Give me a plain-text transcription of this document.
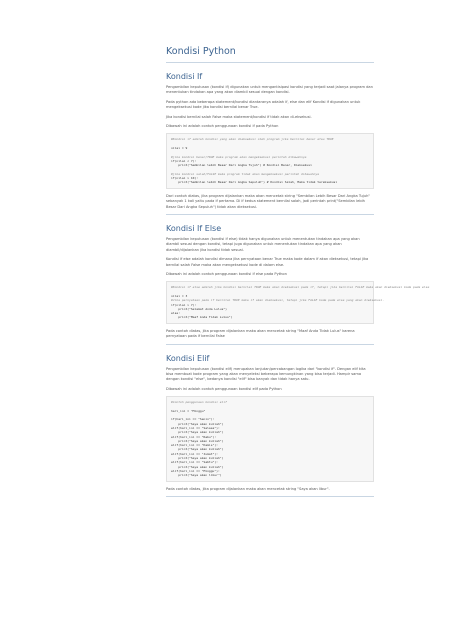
Kondisi Python
Kondisi If

Pengambilan keputusan (kondisi if) digunakan untuk mengantisipasi kondisi yang terjadi saat jalanya program dan menentukan tindakan apa yang akan diambil sesuai dengan kondisi.

Pada python ada beberapa statement/kondisi diantaranya adalah if, else dan elif Kondisi if digunakan untuk mengeksekusi kode jika kondisi bernilai benar True.

Jika kondisi bernilai salah False maka statement/kondisi if tidak akan di-eksekusi.

Dibawah ini adalah contoh penggunaan kondisi if pada Python

#Kondisi if adalah kondisi yang akan dieksekusi oleh program jika bernilai benar atau TRUE
nilai = 9
#jika kondisi benar/TRUE maka program akan mengeksekusi perintah dibawahnya
if(nilai < 7):
print("Sembilan lebih Besar Dari Angka Tujuh") # Kondisi Benar, Dieksekusi
#jika kondisi salah/FALSE maka program tidak akan mengeksekusi perintah dibawahnya
if(nilai > 10):
print("Sembilan lebih Besar Dari Angka Sepuluh") # Kondisi Salah, Maka tidak tereksekusi

Dari contoh diatas, jika program dijalankan maka akan mencetak string "Sembilan Lebih Besar Dari Angka Tujuh" sebanyak 1 kali yaitu pada if pertama. Di if kedua statement bernilai salah, jadi perintah print("Sembilan lebih Besar Dari Angka Sepuluh") tidak akan dieksekusi.

Kondisi If Else

Pengambilan keputusan (kondisi if else) tidak hanya digunakan untuk menentukan tindakan apa yang akan diambil sesuai dengan kondisi, tetapi juga digunakan untuk menentukan tindakan apa yang akan diambil/dijalankan jika kondisi tidak sesuai.

Kondisi if else adalah kondisi dimana jika pernyataan benar True maka kode dalam if akan dieksekusi, tetapi jika bernilai salah False maka akan mengeksekusi kode di dalam else.

Dibawah ini adalah contoh penggunaan kondisi if else pada Python

#Kondisi if else adalah jika kondisi bernilai TRUE maka akan dieksekusi pada if, tetapi jika bernilai FALSE maka akan dieksekusi kode pada else
nilai = 3
#Jika pernyataan pada if bernilai TRUE maka if akan dieksekusi, tetapi jika FALSE kode pada else yang akan dieksekusi.
if(nilai > 7):
print("Selamat Anda Lulus")
else:
print("Maaf Anda Tidak Lulus")

Pada contoh diatas, jika program dijalankan maka akan mencetak string "Maaf Anda Tidak Lulus" karena pernyataan pada if bernilai False

Kondisi Elif

Pengambilan keputusan (kondisi elif) merupakan lanjutan/percabangan logika dari "kondisi if". Dengan elif kita bisa membuat kode program yang akan menyeleksi beberapa kemungkinan yang bisa terjadi. Hampir sama dengan kondisi "else", bedanya kondisi "elif" bisa banyak dan tidak hanya satu.

Dibawah ini adalah contoh penggunaan kondisi elif pada Python

#Contoh penggunaan kondisi elif
hari_ini = "Minggu"
if(hari_ini == "Senin"):
print("Saya akan kuliah")
elif(hari_ini == "Selasa"):
print("Saya akan kuliah")
elif(hari_ini == "Rabu"):
print("Saya akan kuliah")
elif(hari_ini == "Kamis"):
print("Saya akan kuliah")
elif(hari_ini == "Jumat"):
print("Saya akan kuliah")
elif(hari_ini == "Sabtu"):
print("Saya akan kuliah")
elif(hari_ini == "Minggu"):
print("Saya akan libur")

Pada contoh diatas, jika program dijalankan maka akan mencetak string "Saya akan libur".
